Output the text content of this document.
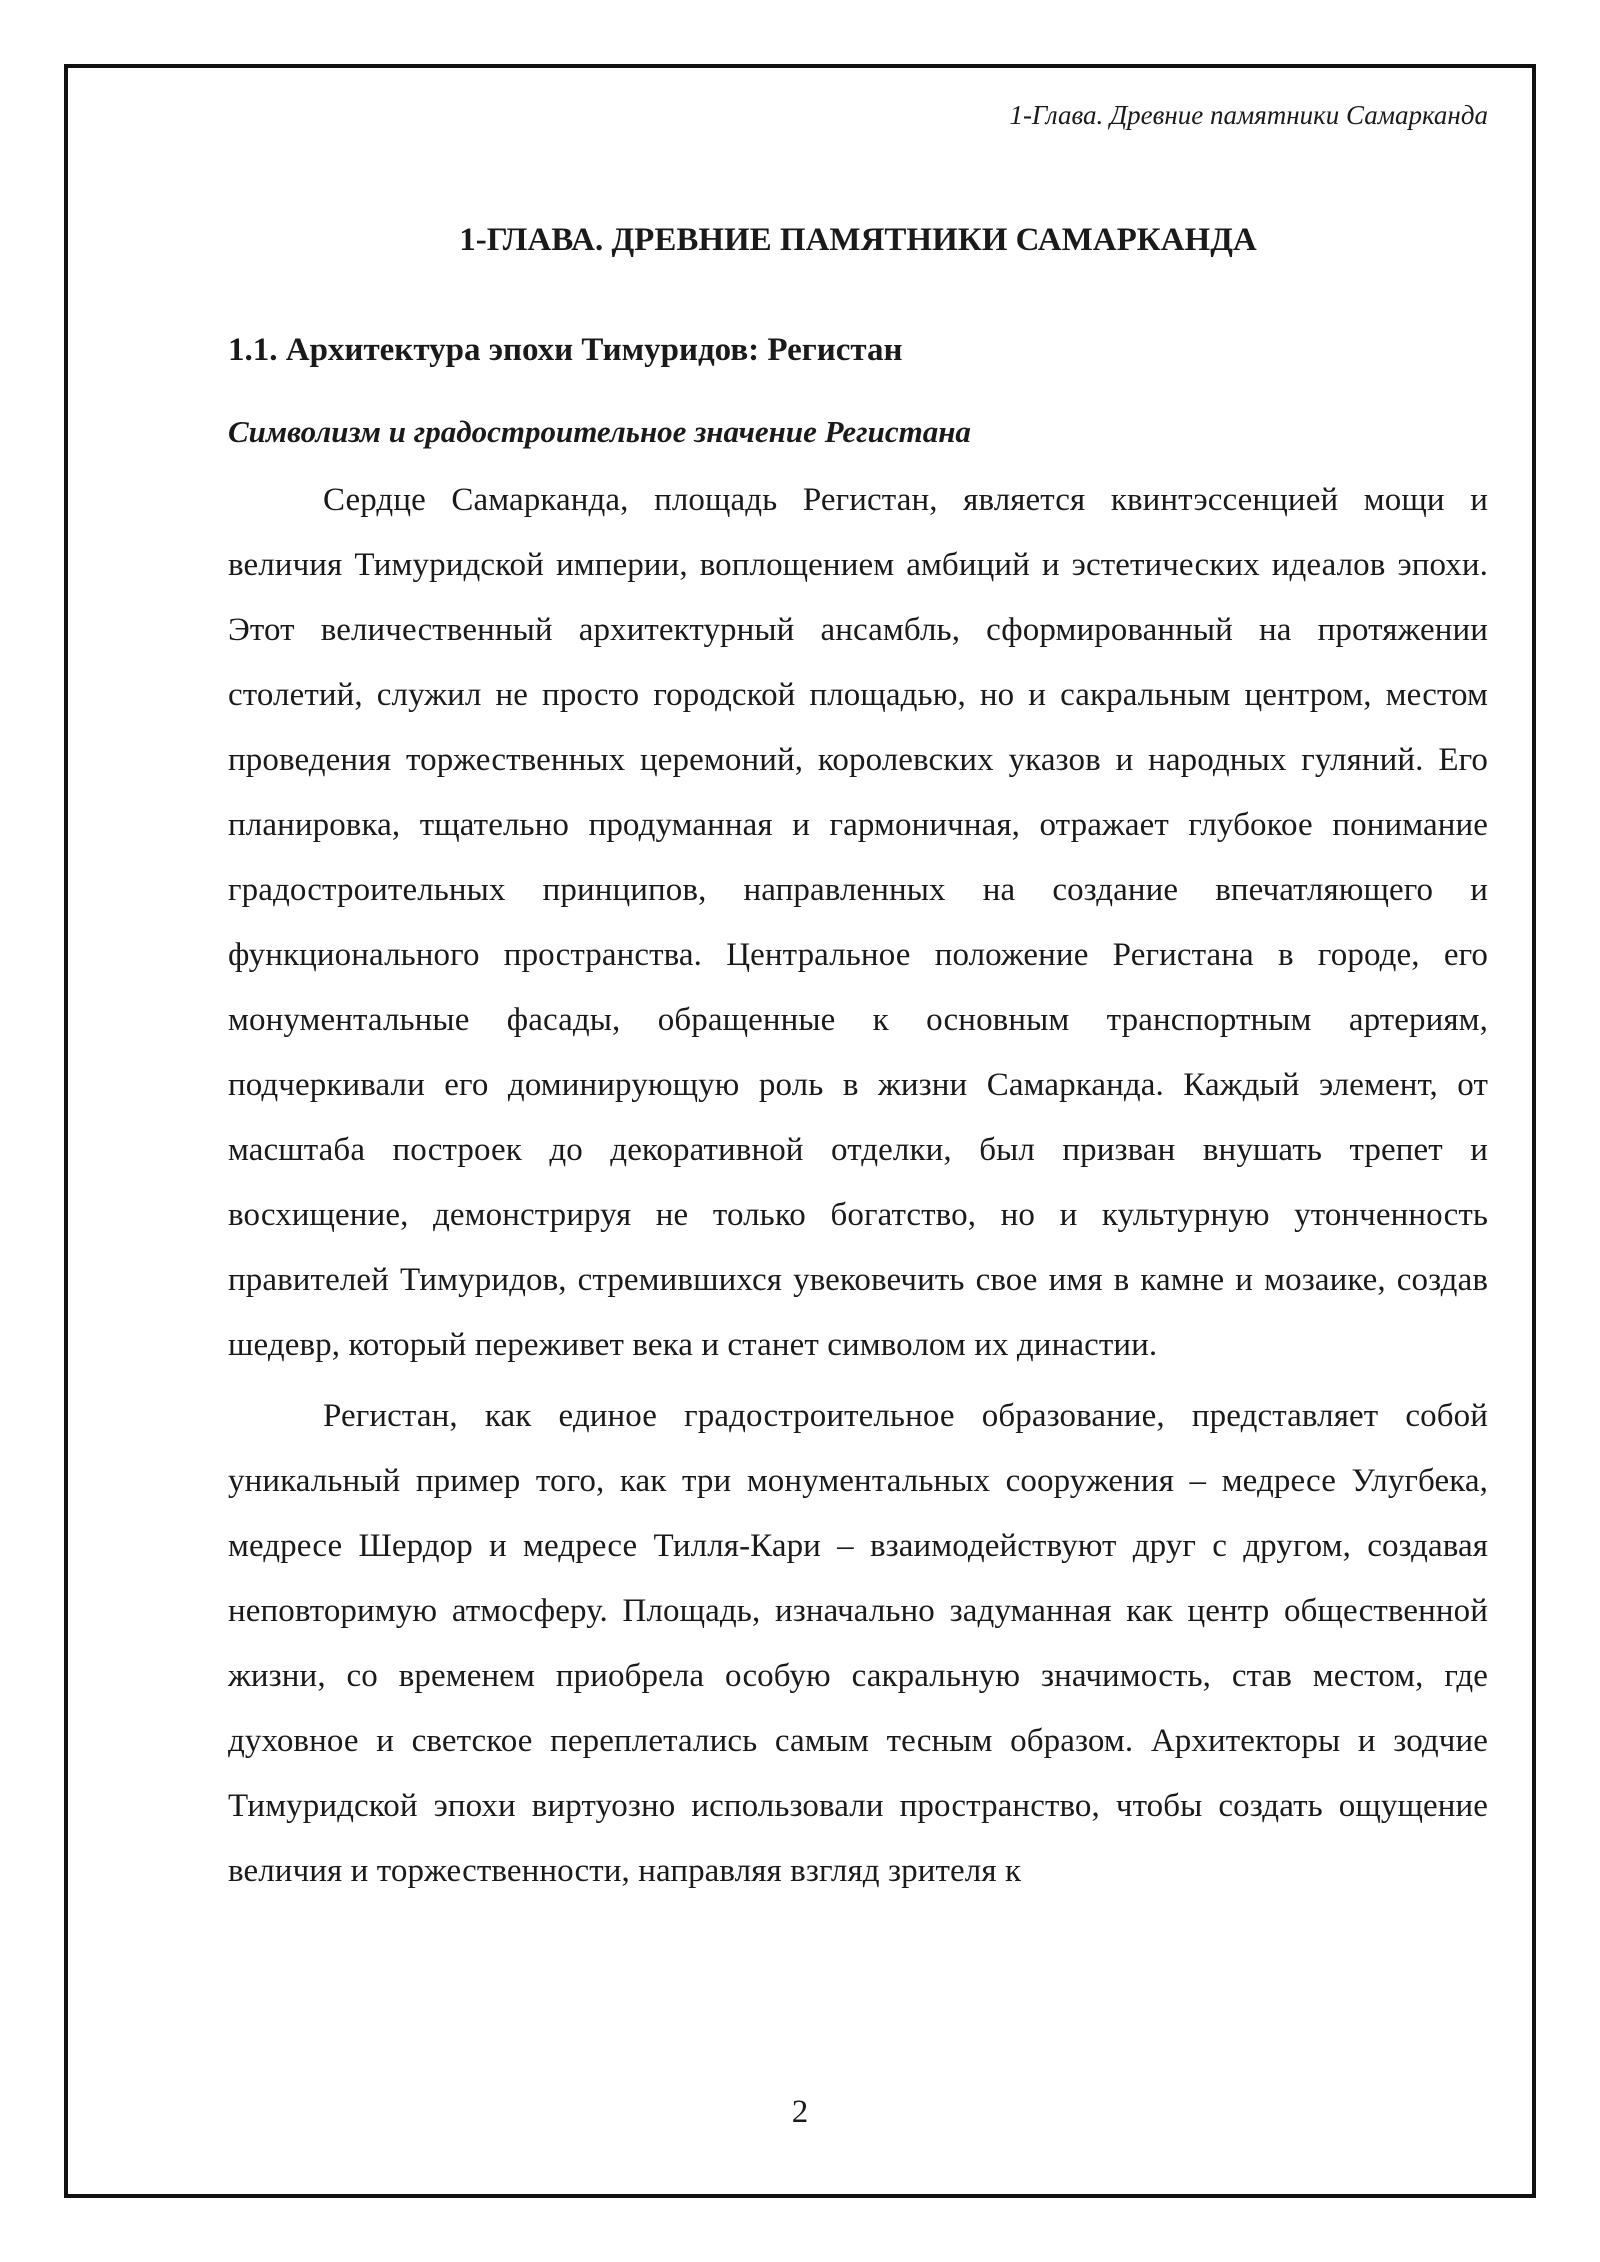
1-Глава. Древние памятники Самарканда
1-ГЛАВА. ДРЕВНИЕ ПАМЯТНИКИ САМАРКАНДА
1.1. Архитектура эпохи Тимуридов: Регистан
Символизм и градостроительное значение Регистана

Сердце Самарканда, площадь Регистан, является квинтэссенцией мощи и величия Тимуридской империи, воплощением амбиций и эстетических идеалов эпохи. Этот величественный архитектурный ансамбль, сформированный на протяжении столетий, служил не просто городской площадью, но и сакральным центром, местом проведения торжественных церемоний, королевских указов и народных гуляний. Его планировка, тщательно продуманная и гармоничная, отражает глубокое понимание градостроительных принципов, направленных на создание впечатляющего и функционального пространства. Центральное положение Регистана в городе, его монументальные фасады, обращенные к основным транспортным артериям, подчеркивали его доминирующую роль в жизни Самарканда. Каждый элемент, от масштаба построек до декоративной отделки, был призван внушать трепет и восхищение, демонстрируя не только богатство, но и культурную утонченность правителей Тимуридов, стремившихся увековечить свое имя в камне и мозаике, создав шедевр, который переживет века и станет символом их династии.

Регистан, как единое градостроительное образование, представляет собой уникальный пример того, как три монументальных сооружения – медресе Улугбека, медресе Шердор и медресе Тилля-Кари – взаимодействуют друг с другом, создавая неповторимую атмосферу. Площадь, изначально задуманная как центр общественной жизни, со временем приобрела особую сакральную значимость, став местом, где духовное и светское переплетались самым тесным образом. Архитекторы и зодчие Тимуридской эпохи виртуозно использовали пространство, чтобы создать ощущение величия и торжественности, направляя взгляд зрителя к

2
